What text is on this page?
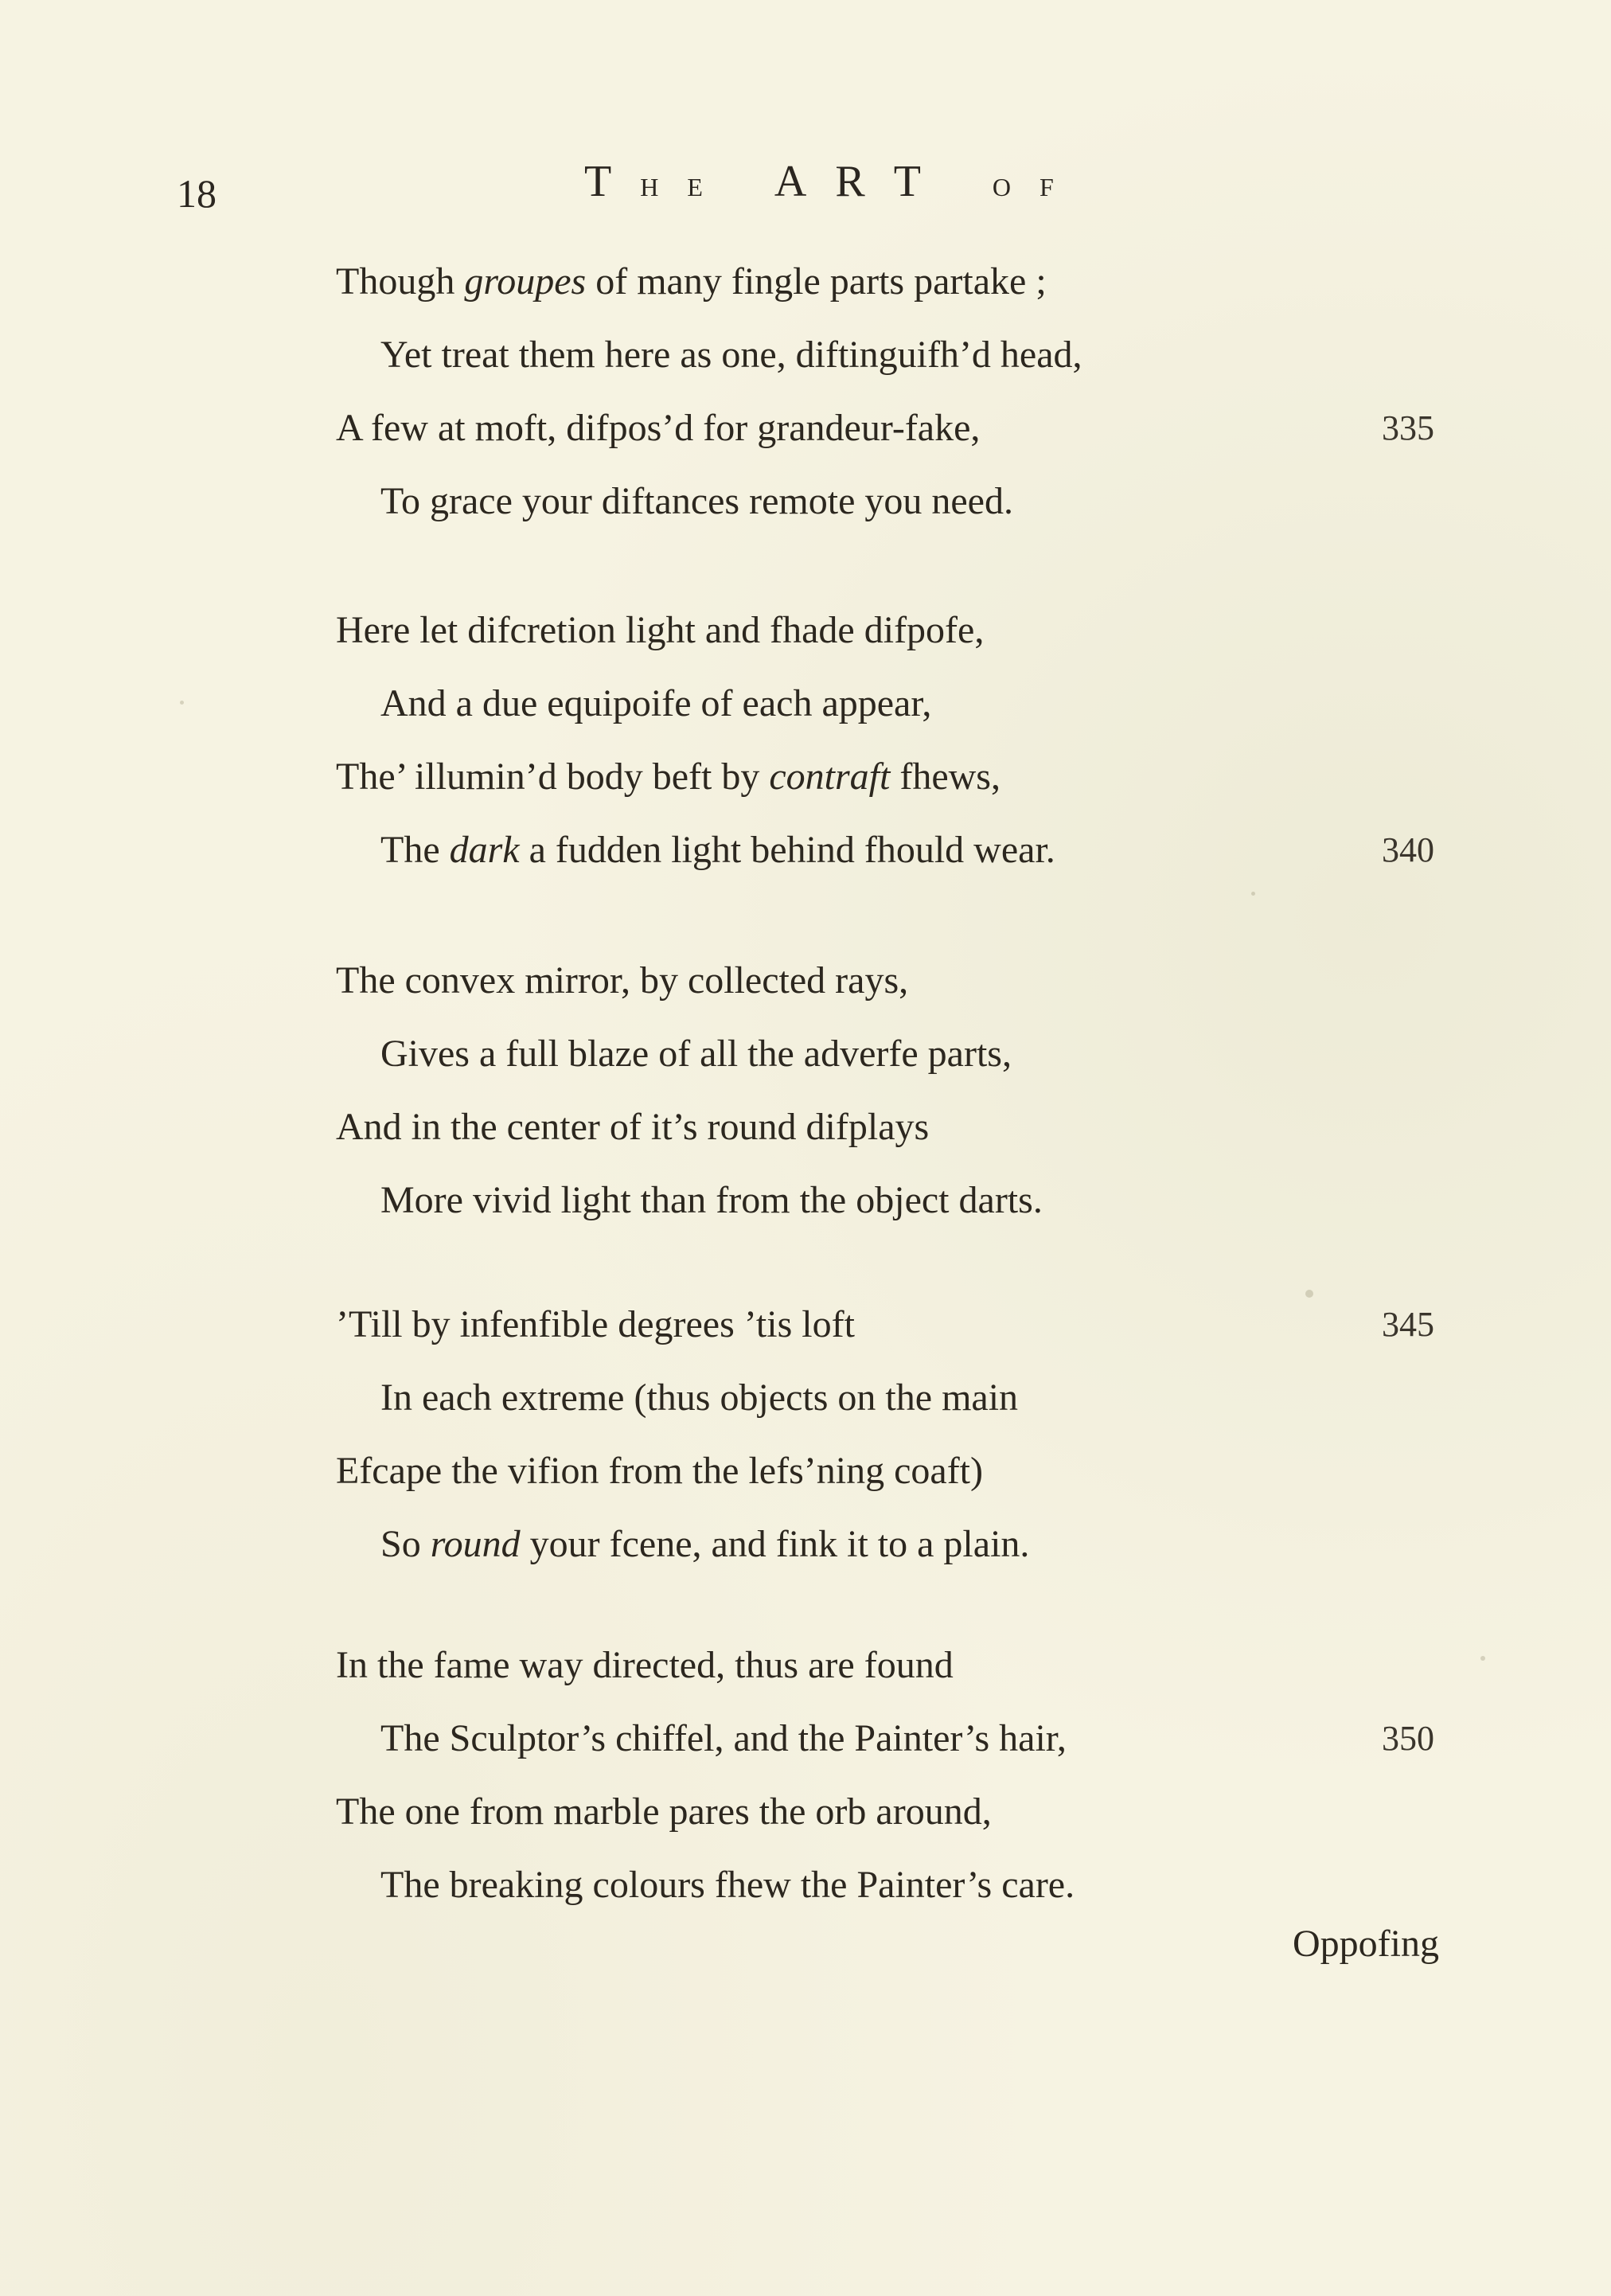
18	T H E A R T	O F
Though groupes of many fingle parts partake ;
Yet treat them here as one, diftinguifh’d head,
A few at moft, difpos’d for grandeur-fake,	335
To grace your diftances remote you need.
Here let difcretion light and fhade difpofe,
And a due equipoife of each appear,
The’ illumin’d body beft by contraft fhews,
The dark a fudden light behind fhould wear.	340
The convex mirror, by collected rays,
Gives a full blaze of all the adverfe parts,
And in the center of it’s round difplays
More vivid light than from the object darts.
’Till by infenfible degrees ’tis loft	345
In each extreme (thus objects on the main
Efcape the vifion from the lefs’ning coaft)
So round your fcene, and fink it to a plain.
In the fame way directed, thus are found
The Sculptor’s chiffel, and the Painter’s hair,	350
The one from marble pares the orb around,
The breaking colours fhew the Painter’s care.
Oppofing
